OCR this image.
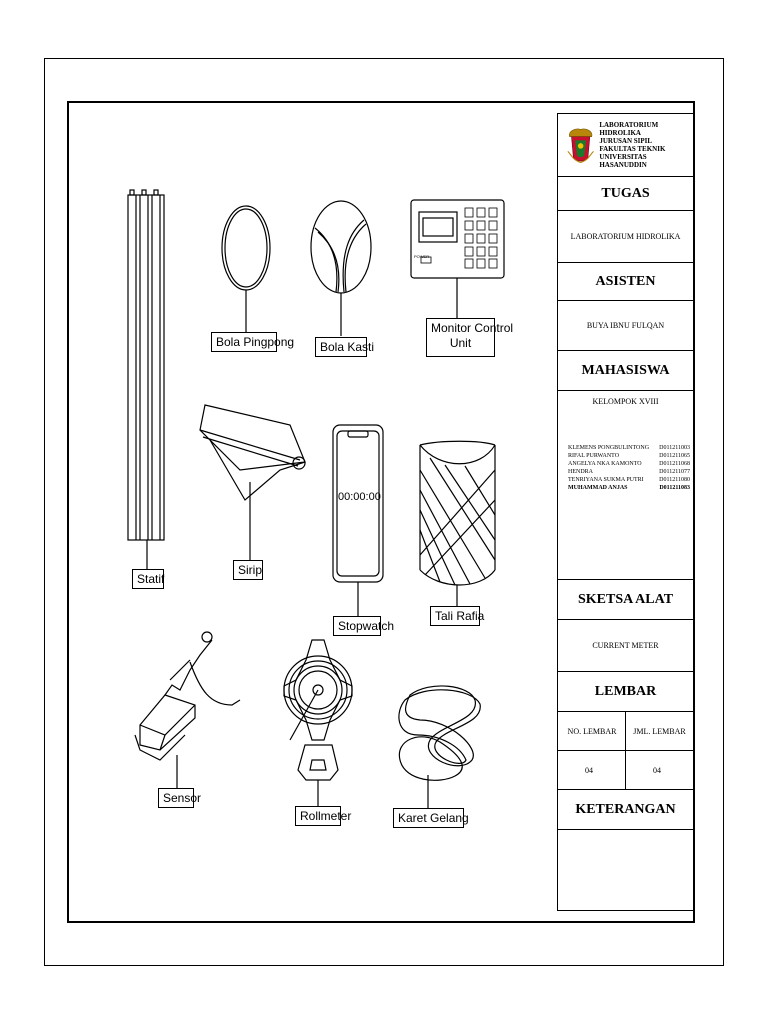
Statif
Bola Pingpong	Bola Kasti
Monitor Control
Unit
Sirip
Stopwatch
Tali Rafia
Sensor
Rollmeter	Karet Gelang
00:00:00
POWER
LABORATORIUM HIDROLIKA
JURUSAN SIPIL
FAKULTAS TEKNIK
UNIVERSITAS HASANUDDIN
TUGAS
LABORATORIUM HIDROLIKA
ASISTEN
BUYA IBNU FULQAN
MAHASISWA
KELOMPOK XVIII
KLEMENS PONGBULINTONG D011211003
RIFAL PURWANTO	D011211065
ANGELYA NKA KAMONTO	D011211068
HENDRA	D011211077
TENRIYANA SUKMA PUTRI	D011211080
MUHAMMAD ANJAS	D011211083
SKETSA ALAT
CURRENT METER
LEMBAR
NO. LEMBAR	JML. LEMBAR
04	04
KETERANGAN
